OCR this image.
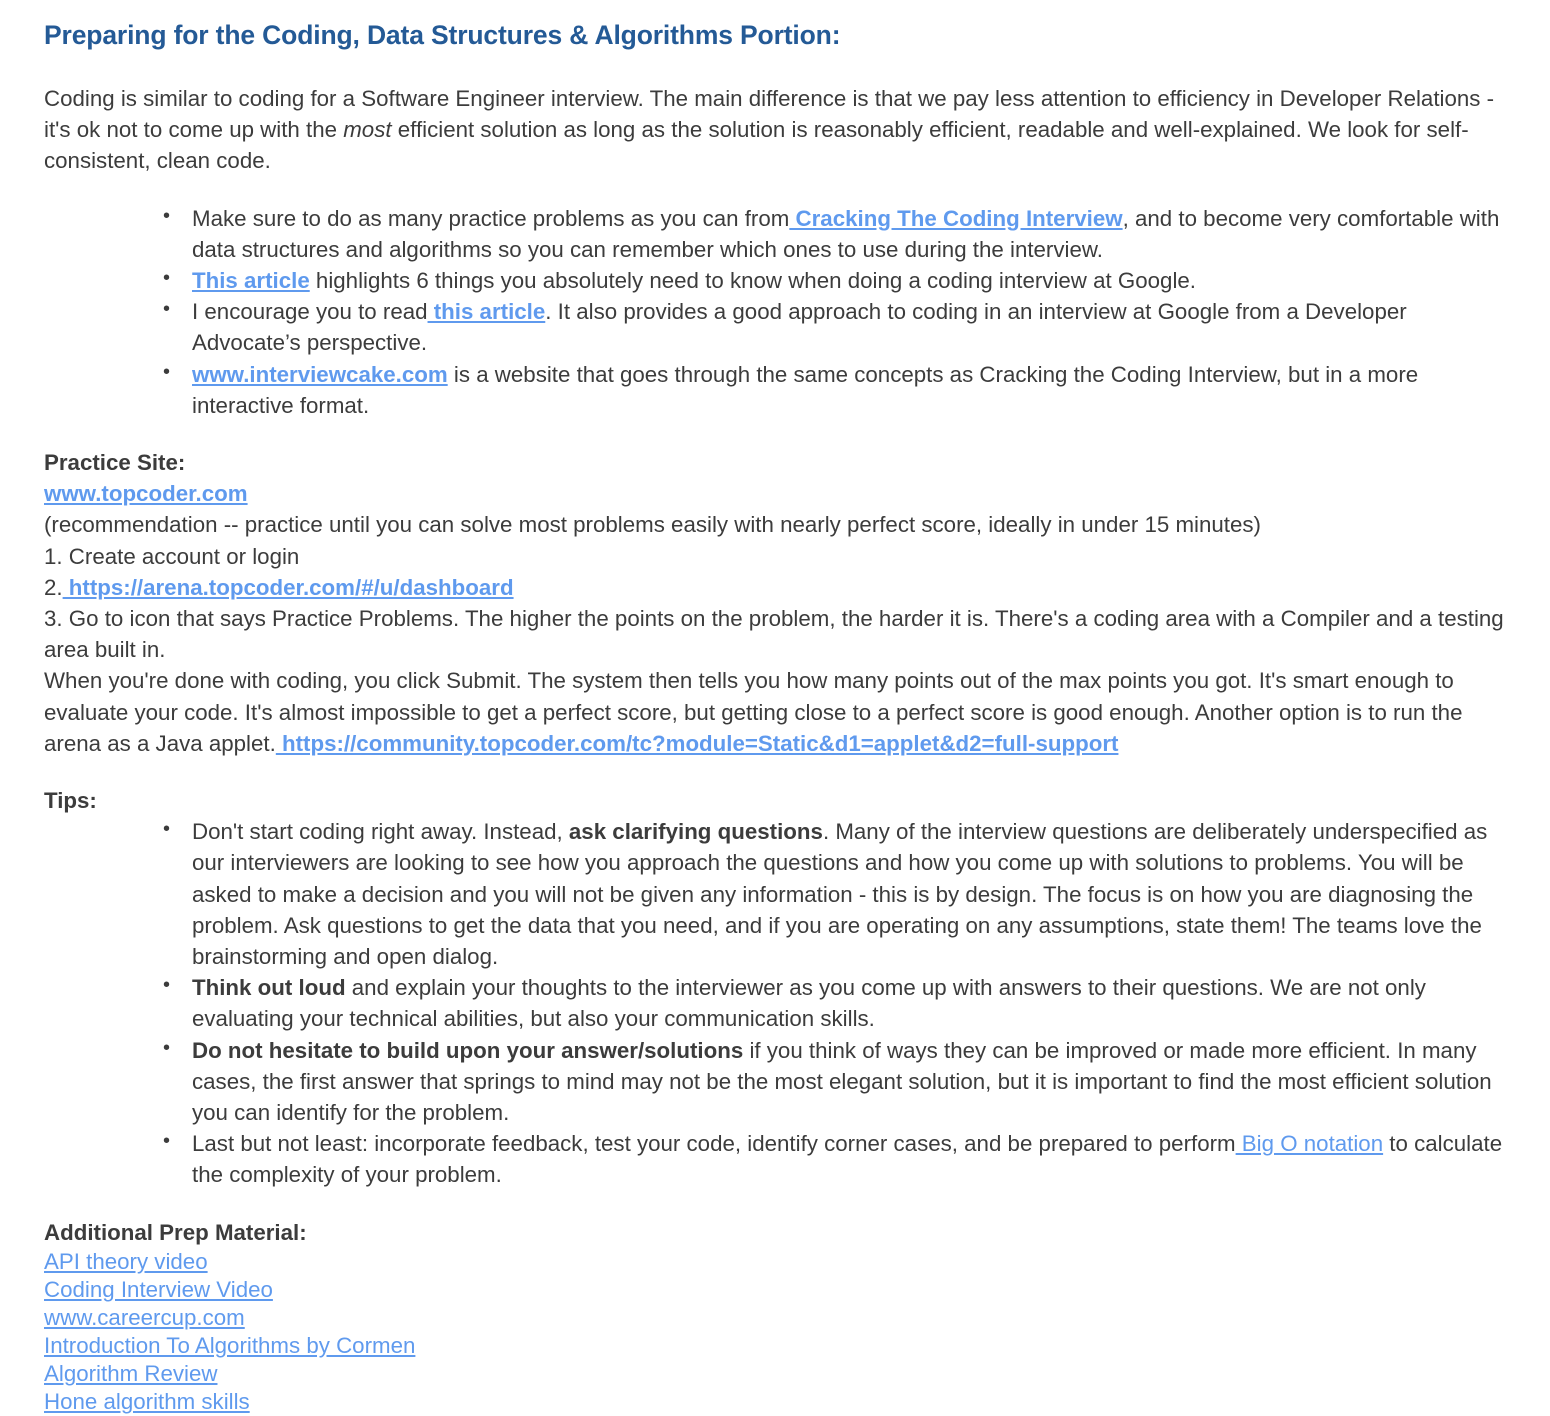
Preparing for the Coding, Data Structures & Algorithms Portion:

Coding is similar to coding for a Software Engineer interview. The main difference is that we pay less attention to efficiency in Developer Relations - it's ok not to come up with the most efficient solution as long as the solution is reasonably efficient, readable and well-explained. We look for self-consistent, clean code.

• Make sure to do as many practice problems as you can from Cracking The Coding Interview, and to become very comfortable with data structures and algorithms so you can remember which ones to use during the interview.
• This article highlights 6 things you absolutely need to know when doing a coding interview at Google.
• I encourage you to read this article. It also provides a good approach to coding in an interview at Google from a Developer Advocate’s perspective.
• www.interviewcake.com is a website that goes through the same concepts as Cracking the Coding Interview, but in a more interactive format.
Practice Site:
www.topcoder.com
(recommendation -- practice until you can solve most problems easily with nearly perfect score, ideally in under 15 minutes)
1. Create account or login
2. https://arena.topcoder.com/#/u/dashboard
3. Go to icon that says Practice Problems. The higher the points on the problem, the harder it is. There's a coding area with a Compiler and a testing area built in.
When you're done with coding, you click Submit. The system then tells you how many points out of the max points you got. It's smart enough to evaluate your code. It's almost impossible to get a perfect score, but getting close to a perfect score is good enough. Another option is to run the arena as a Java applet. https://community.topcoder.com/tc?module=Static&d1=applet&d2=full-support
Tips:
• Don't start coding right away. Instead, ask clarifying questions. Many of the interview questions are deliberately underspecified as our interviewers are looking to see how you approach the questions and how you come up with solutions to problems. You will be asked to make a decision and you will not be given any information - this is by design. The focus is on how you are diagnosing the problem. Ask questions to get the data that you need, and if you are operating on any assumptions, state them! The teams love the brainstorming and open dialog.
• Think out loud and explain your thoughts to the interviewer as you come up with answers to their questions. We are not only evaluating your technical abilities, but also your communication skills.
• Do not hesitate to build upon your answer/solutions if you think of ways they can be improved or made more efficient. In many cases, the first answer that springs to mind may not be the most elegant solution, but it is important to find the most efficient solution you can identify for the problem.
• Last but not least: incorporate feedback, test your code, identify corner cases, and be prepared to perform Big O notation to calculate the complexity of your problem.
Additional Prep Material:
API theory video
Coding Interview Video
www.careercup.com
Introduction To Algorithms by Cormen
Algorithm Review
Hone algorithm skills
